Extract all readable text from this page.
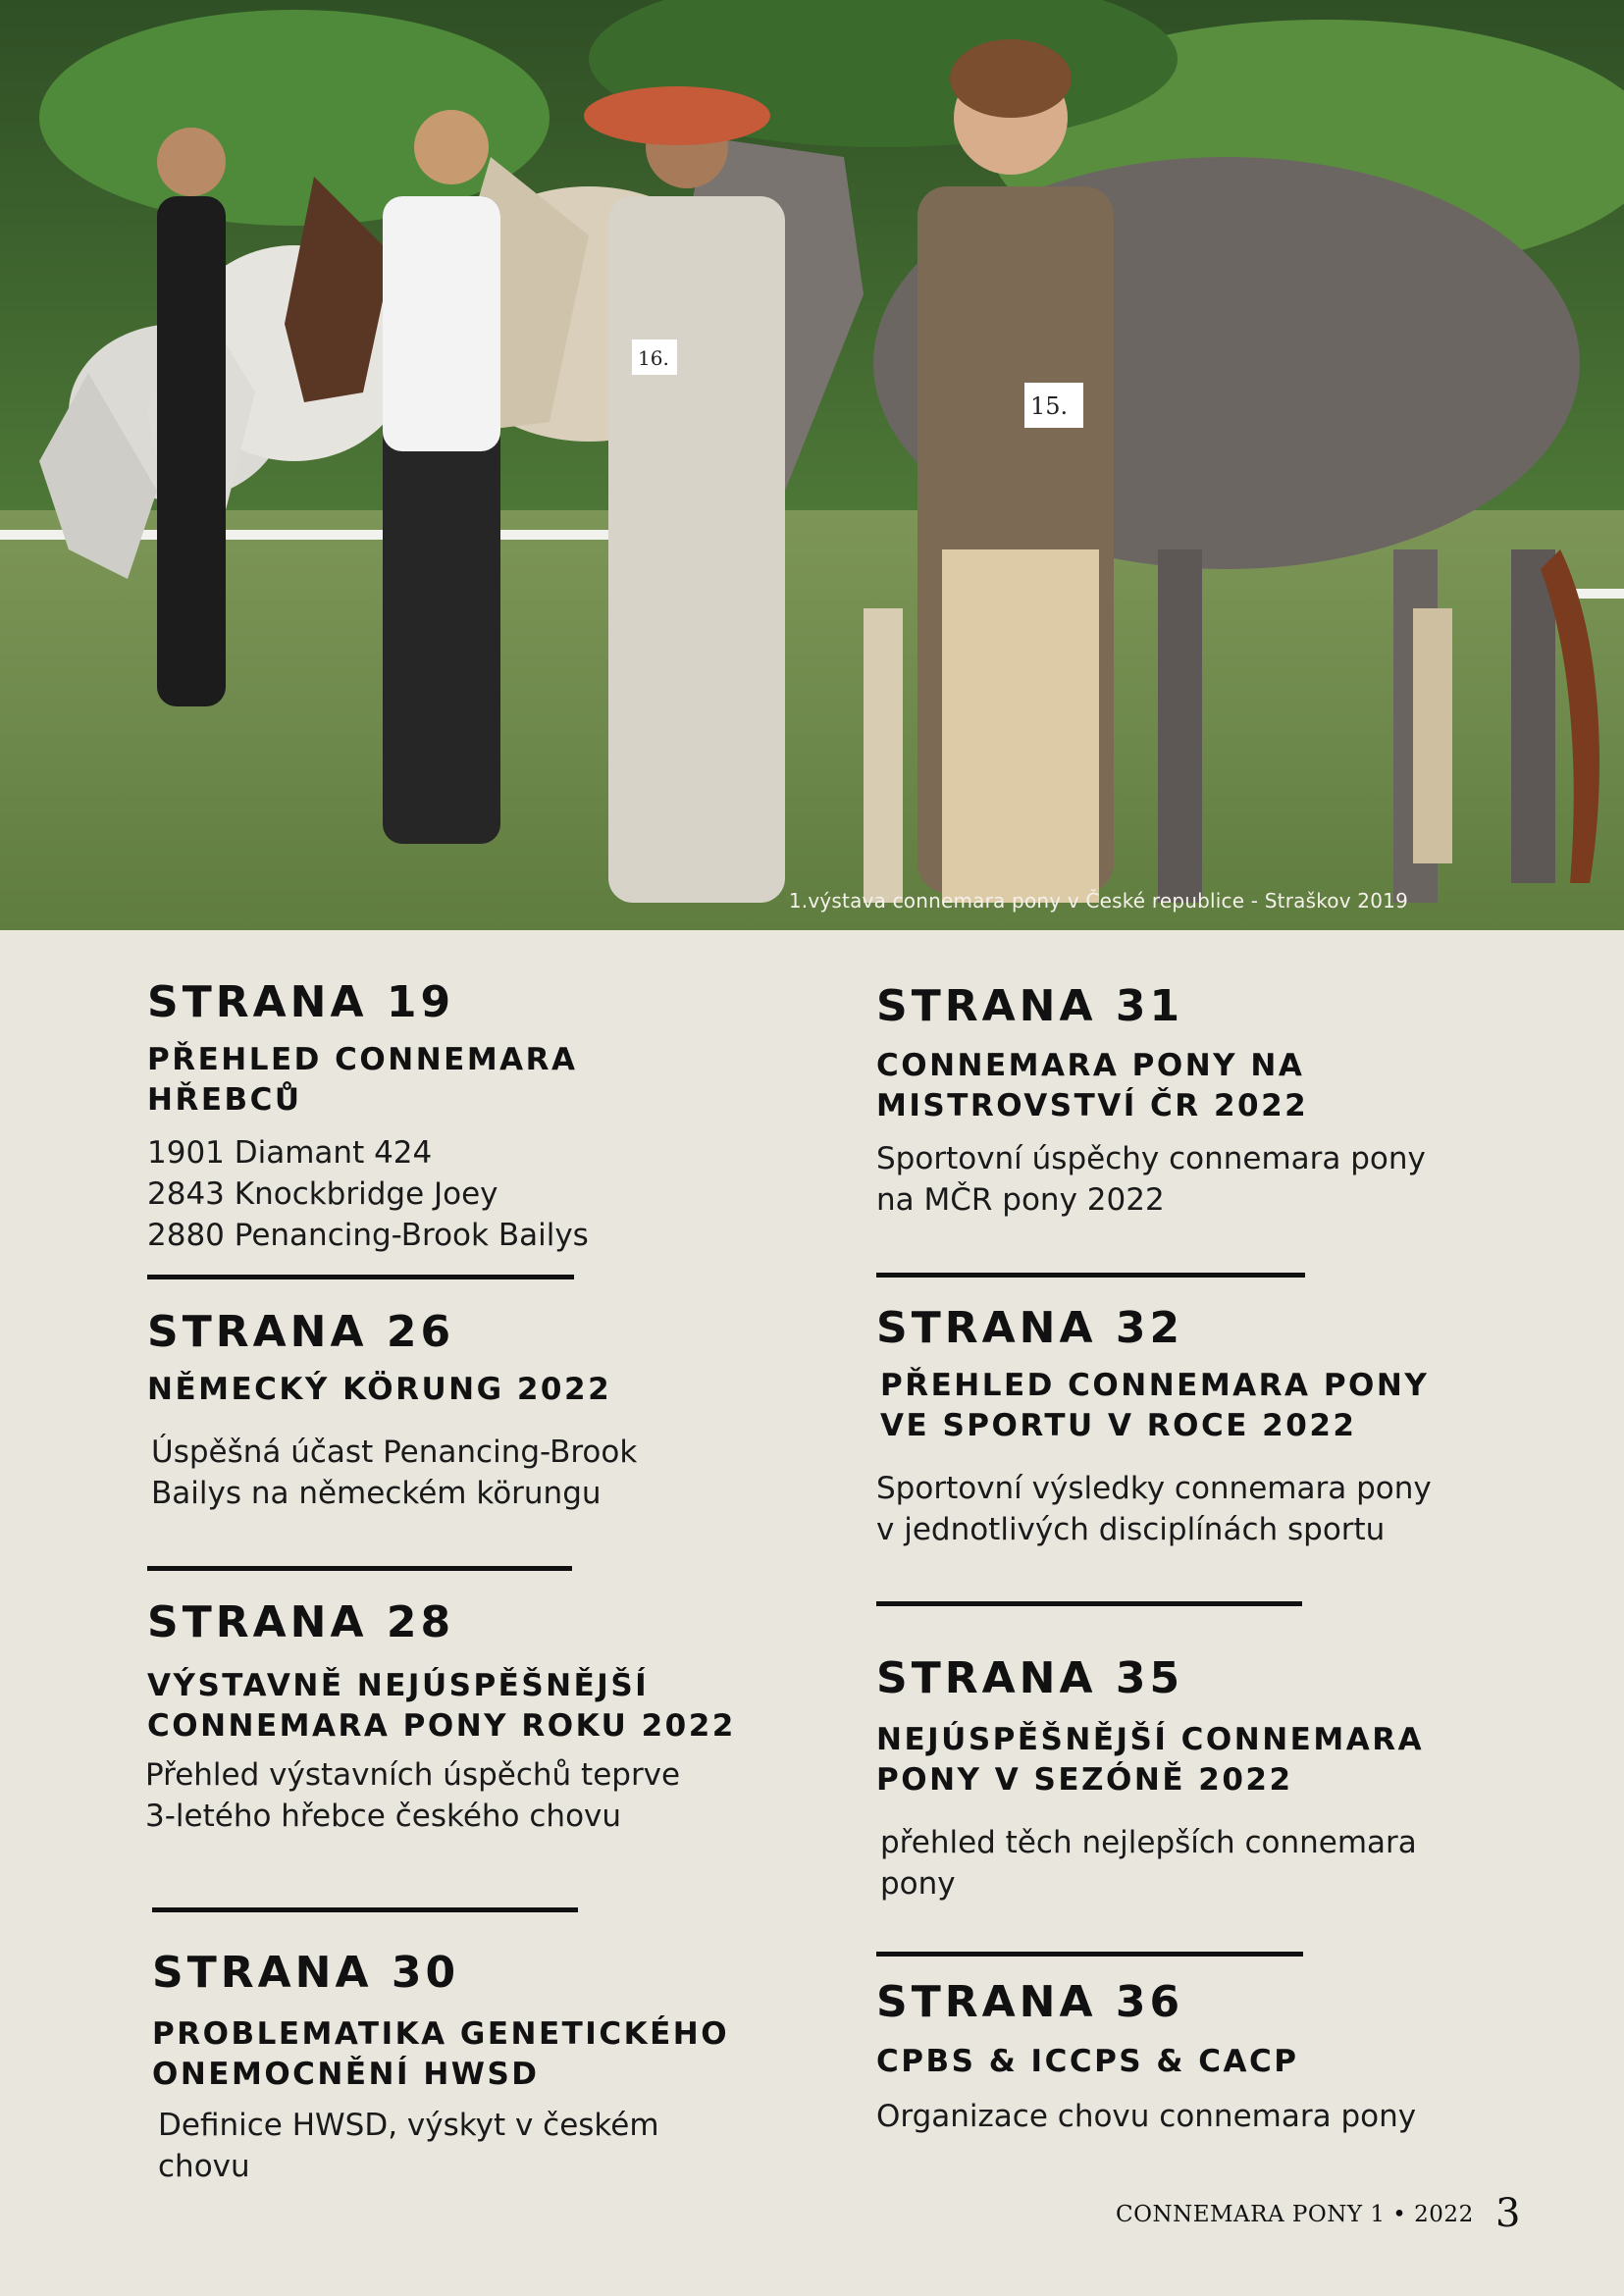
16.
15.
1.výstava connemara pony v České republice - Straškov 2019

STRANA 19

PŘEHLED CONNEMARA HŘEBCŮ

1901 Diamant 424
2843 Knockbridge Joey
2880 Penancing-Brook Bailys

STRANA 26

NĚMECKÝ KÖRUNG 2022

Úspěšná účast Penancing-Brook
Bailys na německém körungu

STRANA 28

VÝSTAVNĚ NEJÚSPĚŠNĚJŠÍ
CONNEMARA PONY ROKU 2022

Přehled výstavních úspěchů teprve
3-letého hřebce českého chovu

STRANA 30

PROBLEMATIKA GENETICKÉHO
ONEMOCNĚNÍ HWSD

Definice HWSD, výskyt v českém
chovu

STRANA 31

CONNEMARA PONY NA
MISTROVSTVÍ ČR 2022

Sportovní úspěchy connemara pony
na MČR pony 2022

STRANA 32

PŘEHLED CONNEMARA PONY
VE SPORTU V ROCE 2022

Sportovní výsledky connemara pony
v jednotlivých disciplínách sportu

STRANA 35

NEJÚSPĚŠNĚJŠÍ CONNEMARA
PONY V SEZÓNĚ 2022

přehled těch nejlepších connemara
pony

STRANA 36

CPBS & ICCPS & CACP

Organizace chovu connemara pony

CONNEMARA PONY 1 • 2022 3
